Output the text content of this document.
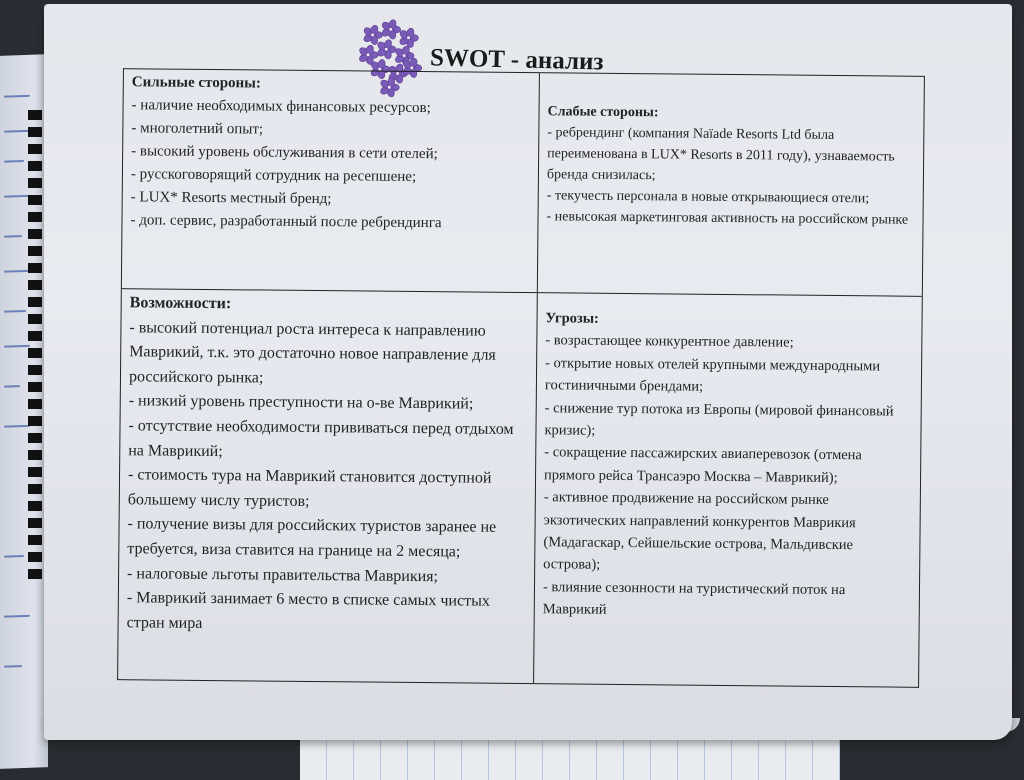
SWOT - анализ
Сильные стороны:
- наличие необходимых финансовых ресурсов;
- многолетний опыт;
- высокий уровень обслуживания в сети отелей;
- русскоговорящий сотрудник на ресепшене;
- LUX* Resorts местный бренд;
- доп. сервис, разработанный после ребрендинга
Слабые стороны:
- ребрендинг (компания Naïade Resorts Ltd была переименована в LUX* Resorts в 2011 году), узнаваемость бренда снизилась;
- текучесть персонала в новые открывающиеся отели;
- невысокая маркетинговая активность на российском рынке
Возможности:
- высокий потенциал роста интереса к направлению Маврикий, т.к. это достаточно новое направление для российского рынка;
- низкий уровень преступности на о-ве Маврикий;
- отсутствие необходимости прививаться перед отдыхом на Маврикий;
- стоимость тура на Маврикий становится доступной большему числу туристов;
- получение визы для российских туристов заранее не требуется, виза ставится на границе на 2 месяца;
- налоговые льготы правительства Маврикия;
- Маврикий занимает 6 место в списке самых чистых стран мира
Угрозы:
- возрастающее конкурентное давление;
- открытие новых отелей крупными международными гостиничными брендами;
- снижение тур потока из Европы (мировой финансовый кризис);
- сокращение пассажирских авиаперевозок (отмена прямого рейса Трансаэро Москва – Маврикий);
- активное продвижение на российском рынке экзотических направлений конкурентов Маврикия (Мадагаскар, Сейшельские острова, Мальдивские острова);
- влияние сезонности на туристический поток на Маврикий
